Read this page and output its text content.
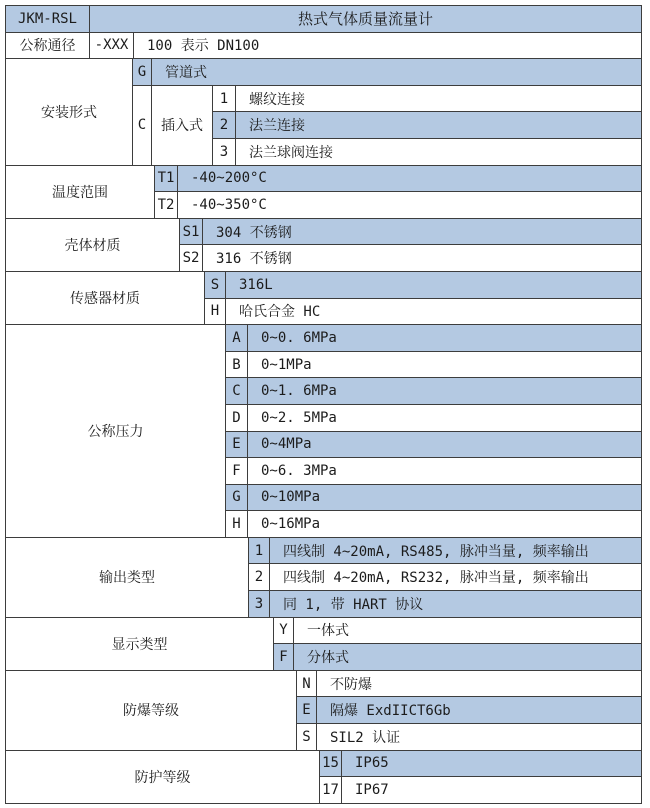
JKM-RSL	热式气体质量流量计
公称通径	-XXX	100 表示 DN100
安装形式	G	管道式		
	C	插入式	1	螺纹连接
			2	法兰连接
			3	法兰球阀连接
温度范围	T1	-40~200°C
	T2	-40~350°C
壳体材质	S1	304 不锈钢
	S2	316 不锈钢
传感器材质	S	316L
	H	哈氏合金 HC
公称压力	A	0~0. 6MPa
	B	0~1MPa
	C	0~1. 6MPa
	D	0~2. 5MPa
	E	0~4MPa
	F	0~6. 3MPa
	G	0~10MPa
	H	0~16MPa
输出类型	1	四线制 4~20mA, RS485, 脉冲当量, 频率输出
	2	四线制 4~20mA, RS232, 脉冲当量, 频率输出
	3	同 1, 带 HART 协议
显示类型	Y	一体式
	F	分体式
防爆等级	N	不防爆
	E	隔爆 ExdIICT6Gb
	S	SIL2 认证
防护等级	15	IP65
	17	IP67
